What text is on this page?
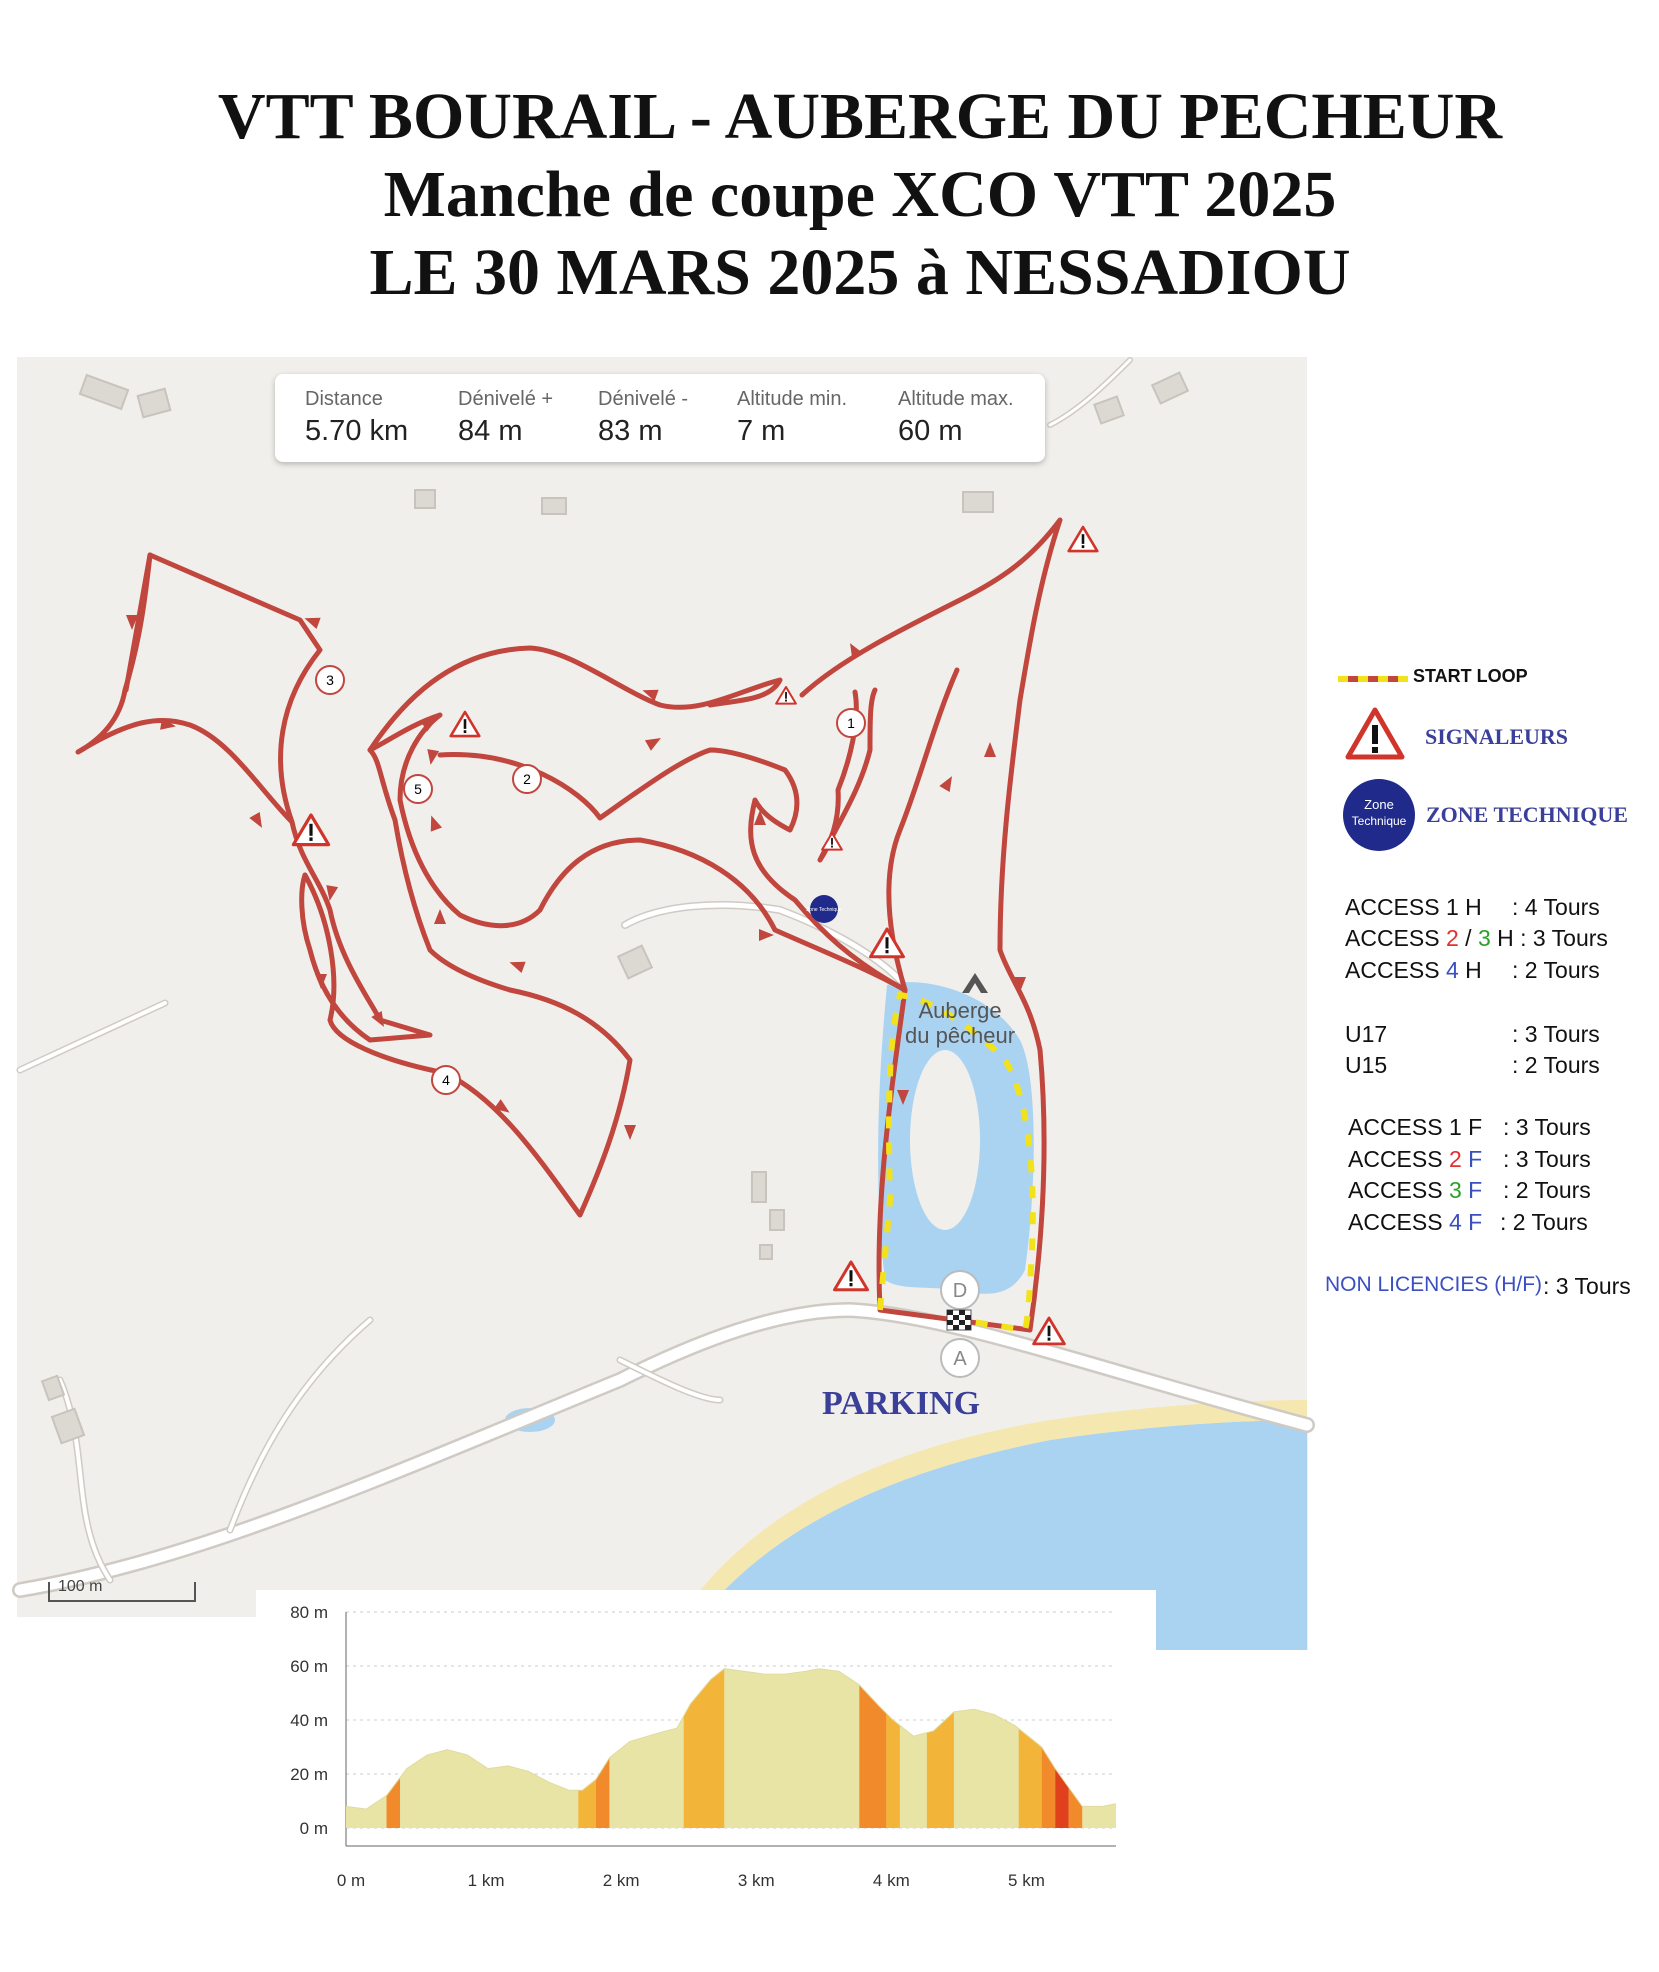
VTT BOURAIL - AUBERGE DU PECHEUR
Manche de coupe XCO VTT 2025
LE 30 MARS 2025 à NESSADIOU
1
2
3
4
5
Zone Technique
D
A
Zone
Technique
Distance
5.70 km
Dénivelé +
84 m
Dénivelé -
83 m
Altitude min.
7 m
Altitude max.
60 m
Auberge
du pêcheur
PARKING
100 m
START LOOP
SIGNALEURS
ZONE TECHNIQUE
ACCESS 1 H : 4 Tours
ACCESS 2 / 3 H : 3 Tours
ACCESS 4 H : 2 Tours
U17	: 3 Tours
U15	: 2 Tours
ACCESS 1 F : 3 Tours
ACCESS 2 F : 3 Tours
ACCESS 3 F : 2 Tours
ACCESS 4 F : 2 Tours
NON LICENCIES (H/F) : 3 Tours
0 m
20 m
40 m
60 m
80 m
0 m	1 km	2 km	3 km	4 km	5 km
